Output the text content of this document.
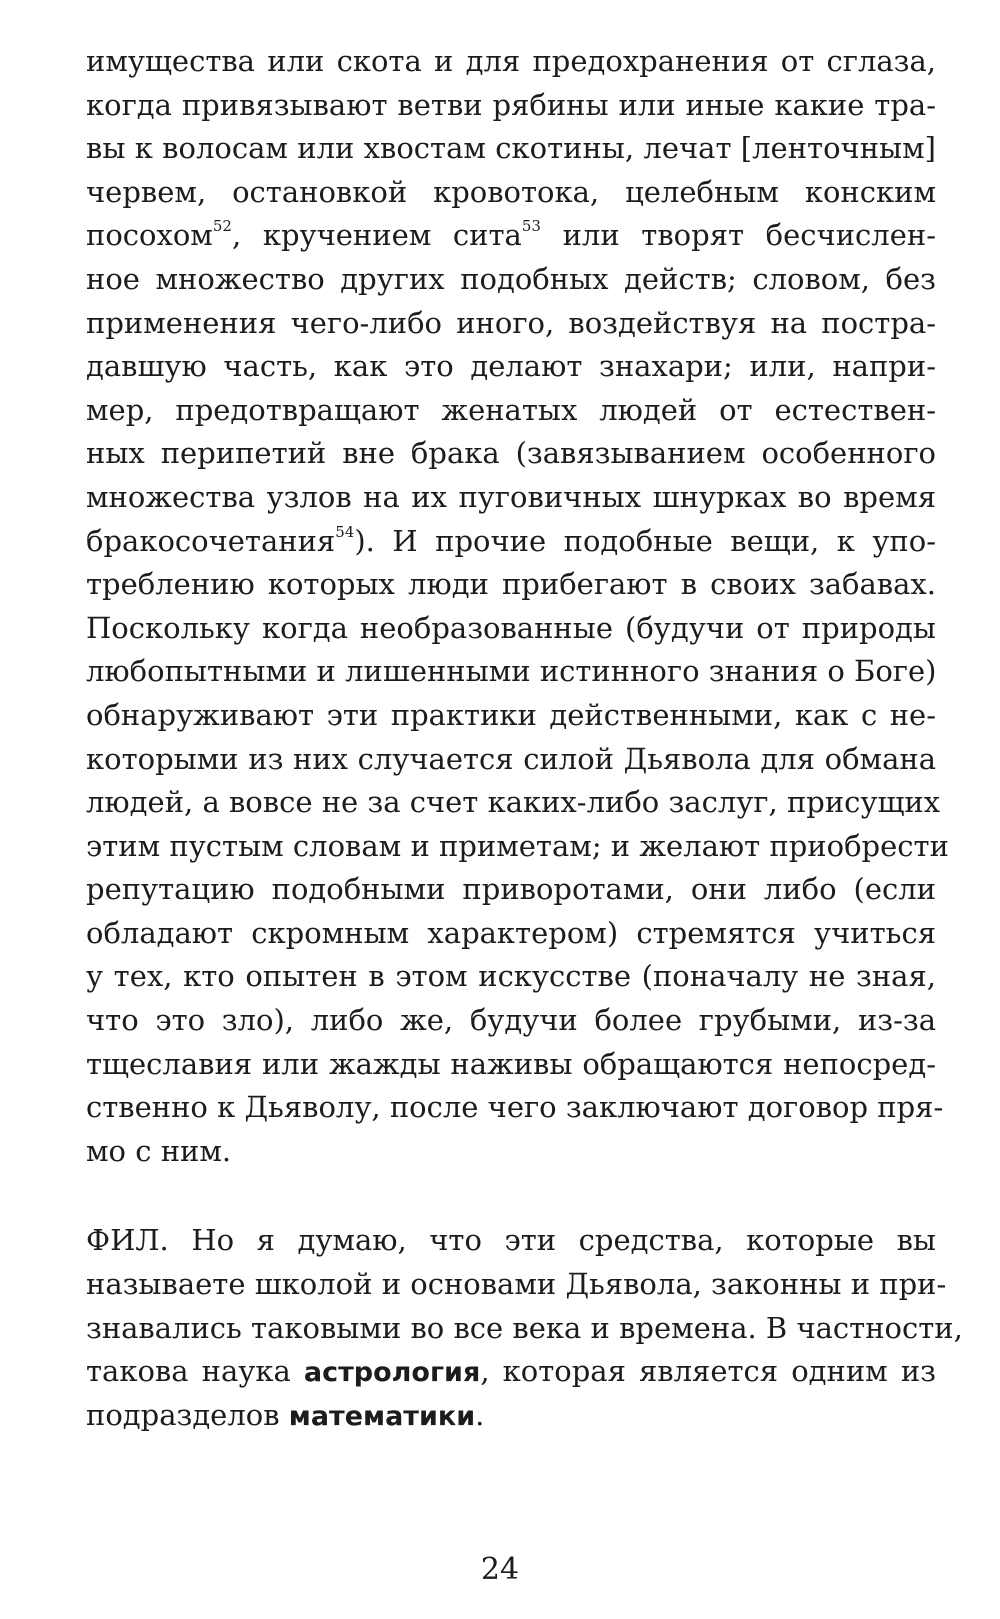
имущества или скота и для предохранения от сглаза,
когда привязывают ветви рябины или иные какие тра-
вы к волосам или хвостам скотины, лечат [ленточным]
червем, остановкой кровотока, целебным конским
посохом$^{52}$, кручением сита$^{53}$ или творят бесчислен-
ное множество других подобных действ; словом, без
применения чего-либо иного, воздействуя на постра-
давшую часть, как это делают знахари; или, напри-
мер, предотвращают женатых людей от естествен-
ных перипетий вне брака (завязыванием особенного
множества узлов на их пуговичных шнурках во время
бракосочетания$^{54}$). И прочие подобные вещи, к упо-
треблению которых люди прибегают в своих забавах.
Поскольку когда необразованные (будучи от природы
любопытными и лишенными истинного знания о Боге)
обнаруживают эти практики действенными, как с не-
которыми из них случается силой Дьявола для обмана
людей, а вовсе не за счет каких-либо заслуг, присущих
этим пустым словам и приметам; и желают приобрести
репутацию подобными приворотами, они либо (если
обладают скромным характером) стремятся учиться
у тех, кто опытен в этом искусстве (поначалу не зная,
что это зло), либо же, будучи более грубыми, из-за
тщеславия или жажды наживы обращаются непосред-
ственно к Дьяволу, после чего заключают договор пря-
мо с ним.
ФИЛ. Но я думаю, что эти средства, которые вы
называете школой и основами Дьявола, законны и при-
знавались таковыми во все века и времена. В частности,
такова наука астрология, которая является одним из
подразделов математики.
24
